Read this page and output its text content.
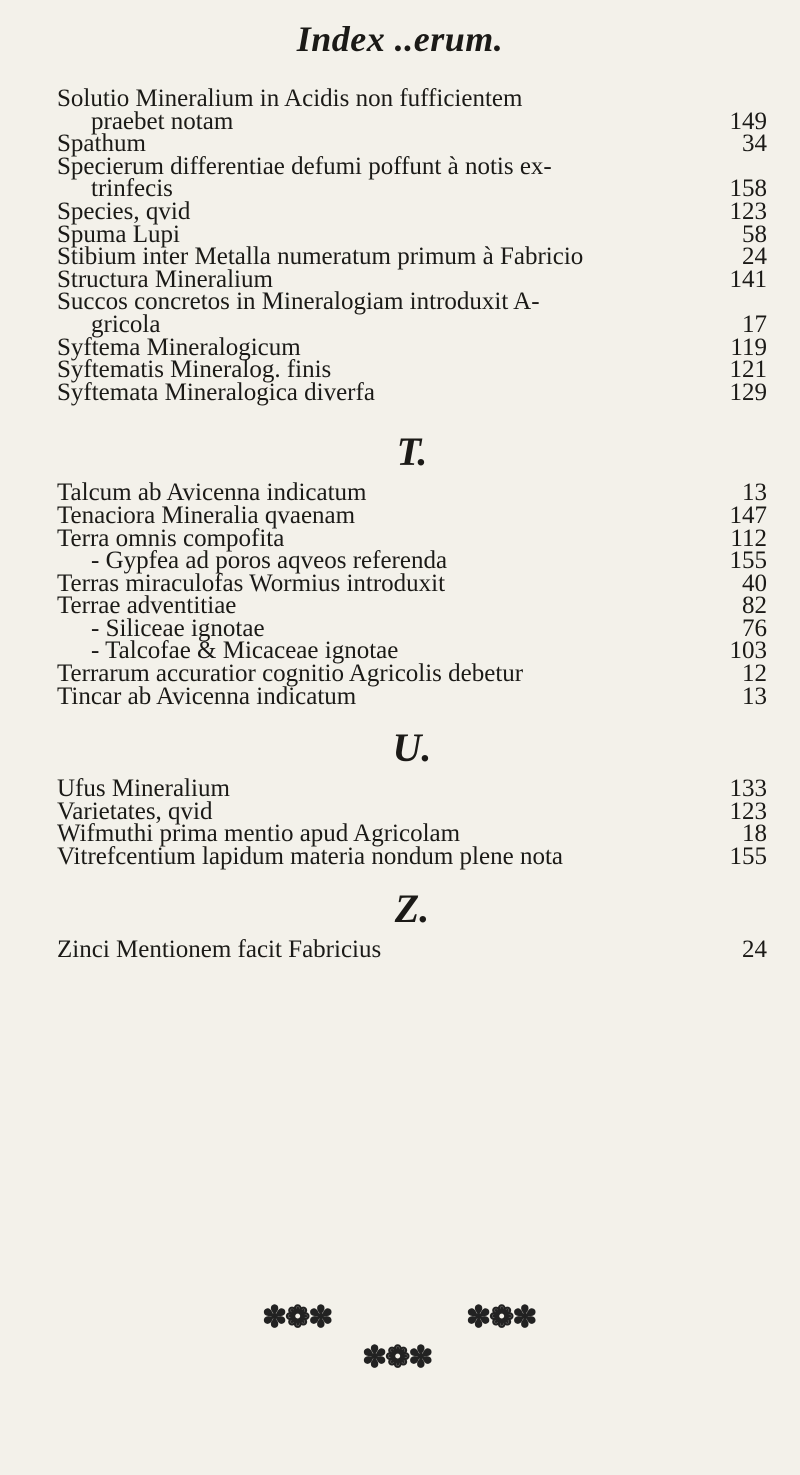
Index ..erum.
Solutio Mineralium in Acidis non fufficientem
praebet notam	149
Spathum	34
Specierum differentiae defumi poffunt à notis ex-
trinfecis	158
Species, qvid	123
Spuma Lupi	58
Stibium inter Metalla numeratum primum à Fabricio	24
Structura Mineralium	141
Succos concretos in Mineralogiam introduxit A-
gricola	17
Syftema Mineralogicum	119
Syftematis Mineralog. finis	121
Syftemata Mineralogica diverfa	129
T.
Talcum ab Avicenna indicatum	13
Tenaciora Mineralia qvaenam	147
Terra omnis compofita	112
- Gypfea ad poros aqveos referenda	155
Terras miraculofas Wormius introduxit	40
Terrae adventitiae	82
- Siliceae ignotae	76
- Talcofae & Micaceae ignotae	103
Terrarum accuratior cognitio Agricolis debetur	12
Tincar ab Avicenna indicatum	13
U.
Ufus Mineralium	133
Varietates, qvid	123
Wifmuthi prima mentio apud Agricolam	18
Vitrefcentium lapidum materia nondum plene nota	155
Z.
Zinci Mentionem facit Fabricius	24
✽❁✽	✽❁✽
✽❁✽
